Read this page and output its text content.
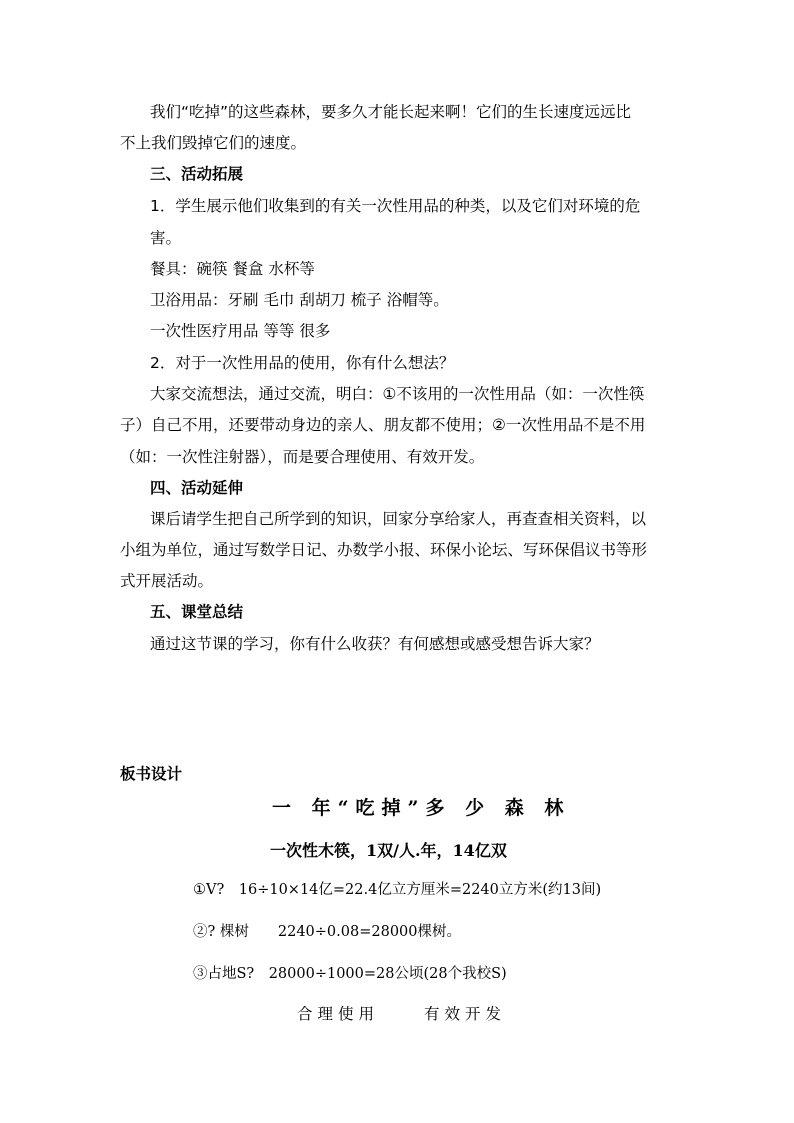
我们“吃掉”的这些森林，要多久才能长起来啊！它们的生长速度远远比
不上我们毁掉它们的速度。
三、活动拓展
1．学生展示他们收集到的有关一次性用品的种类，以及它们对环境的危
害。
餐具：碗筷 餐盒 水杯等
卫浴用品：牙刷 毛巾 刮胡刀 梳子 浴帽等。
一次性医疗用品 等等 很多
2．对于一次性用品的使用，你有什么想法？
大家交流想法，通过交流，明白：①不该用的一次性用品（如：一次性筷
子）自己不用，还要带动身边的亲人、朋友都不使用；②一次性用品不是不用
（如：一次性注射器），而是要合理使用、有效开发。
四、活动延伸
课后请学生把自己所学到的知识，回家分享给家人，再查查相关资料，以
小组为单位，通过写数学日记、办数学小报、环保小论坛、写环保倡议书等形
式开展活动。
五、课堂总结
通过这节课的学习，你有什么收获？有何感想或感受想告诉大家？
板书设计
一 年“吃掉”多 少 森 林
一次性木筷，1双/人.年，14亿双
①V?　16÷10×14亿=22.4亿立方厘米=2240立方米(约13间)
②? 棵树　　2240÷0.08=28000棵树。
③占地S?　28000÷1000=28公顷(28个我校S)
合理使用	有效开发
